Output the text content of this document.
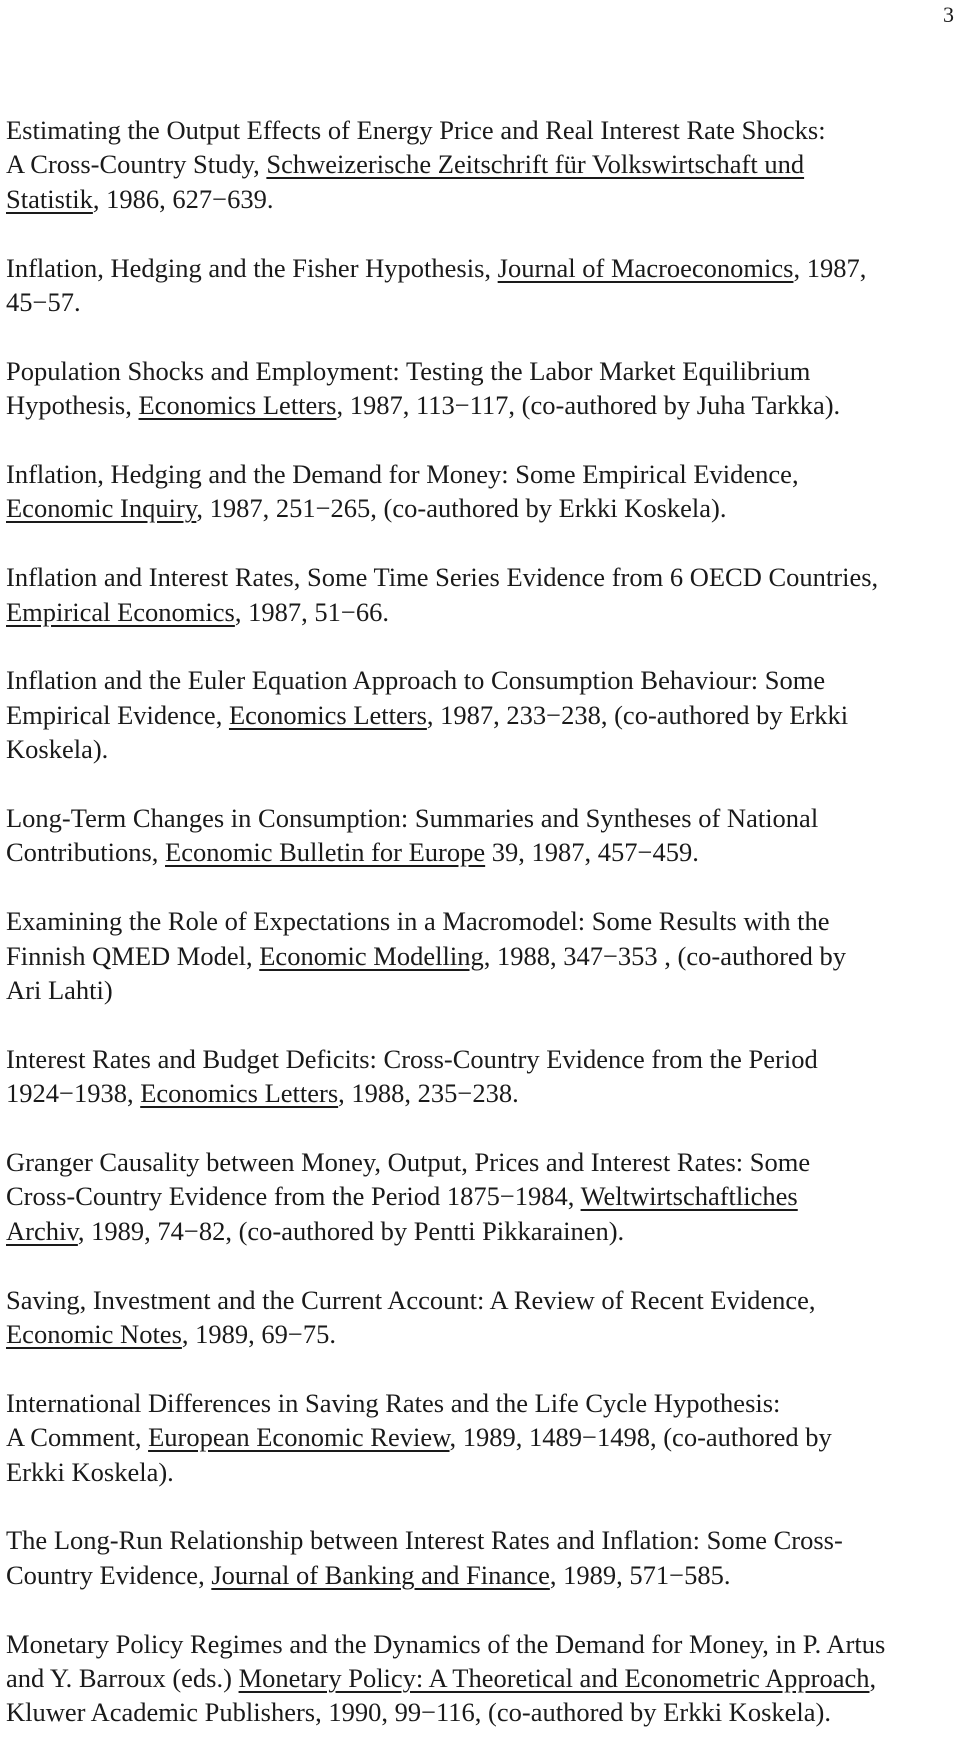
3
Estimating the Output Effects of Energy Price and Real Interest Rate Shocks:
A Cross-Country Study, Schweizerische Zeitschrift für Volkswirtschaft und
Statistik, 1986, 627−639.
Inflation, Hedging and the Fisher Hypothesis, Journal of Macroeconomics, 1987,
45−57.
Population Shocks and Employment: Testing the Labor Market Equilibrium
Hypothesis, Economics Letters, 1987, 113−117, (co-authored by Juha Tarkka).
Inflation, Hedging and the Demand for Money: Some Empirical Evidence,
Economic Inquiry, 1987, 251−265, (co-authored by Erkki Koskela).
Inflation and Interest Rates, Some Time Series Evidence from 6 OECD Countries,
Empirical Economics, 1987, 51−66.
Inflation and the Euler Equation Approach to Consumption Behaviour: Some
Empirical Evidence, Economics Letters, 1987, 233−238, (co-authored by Erkki
Koskela).
Long-Term Changes in Consumption: Summaries and Syntheses of National
Contributions, Economic Bulletin for Europe 39, 1987, 457−459.
Examining the Role of Expectations in a Macromodel: Some Results with the
Finnish QMED Model, Economic Modelling, 1988, 347−353 , (co-authored by
Ari Lahti)
Interest Rates and Budget Deficits: Cross-Country Evidence from the Period
1924−1938, Economics Letters, 1988, 235−238.
Granger Causality between Money, Output, Prices and Interest Rates: Some
Cross-Country Evidence from the Period 1875−1984, Weltwirtschaftliches
Archiv, 1989, 74−82, (co-authored by Pentti Pikkarainen).
Saving, Investment and the Current Account: A Review of Recent Evidence,
Economic Notes, 1989, 69−75.
International Differences in Saving Rates and the Life Cycle Hypothesis:
A Comment, European Economic Review, 1989, 1489−1498, (co-authored by
Erkki Koskela).
The Long-Run Relationship between Interest Rates and Inflation: Some Cross-
Country Evidence, Journal of Banking and Finance, 1989, 571−585.
Monetary Policy Regimes and the Dynamics of the Demand for Money, in P. Artus
and Y. Barroux (eds.) Monetary Policy: A Theoretical and Econometric Approach,
Kluwer Academic Publishers, 1990, 99−116, (co-authored by Erkki Koskela).
